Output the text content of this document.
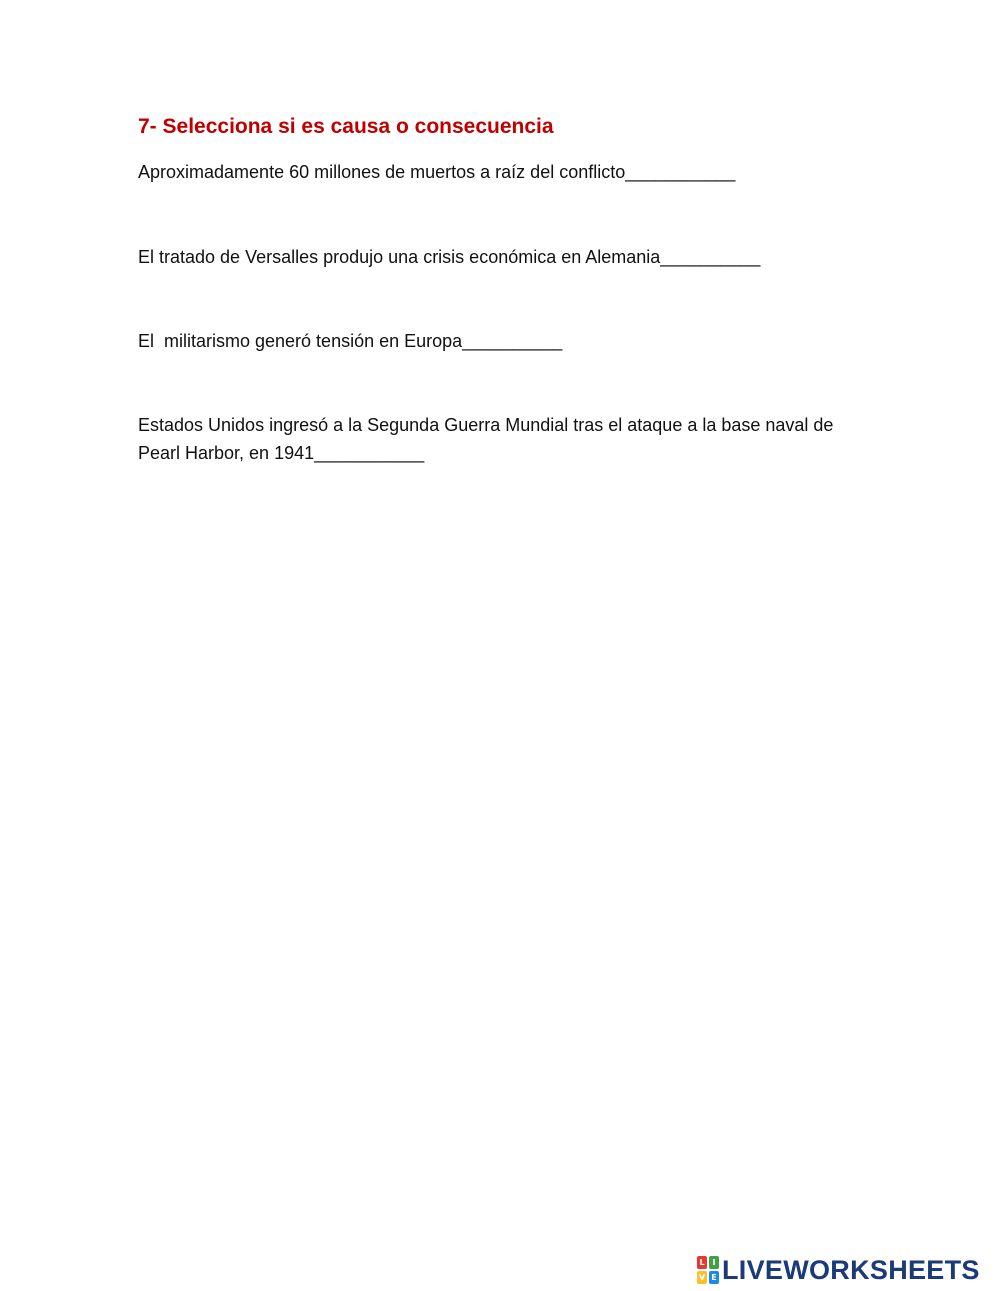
7- Selecciona si es causa o consecuencia
Aproximadamente 60 millones de muertos a raíz del conflicto___________
El tratado de Versalles produjo una crisis económica en Alemania__________
El  militarismo generó tensión en Europa__________
Estados Unidos ingresó a la Segunda Guerra Mundial tras el ataque a la base naval de Pearl Harbor, en 1941___________
L I
V E LIVEWORKSHEETS
